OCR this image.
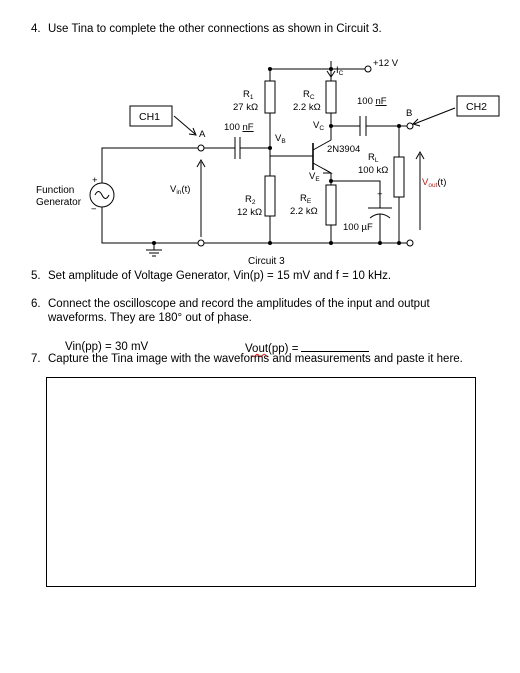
4. Use Tina to complete the other connections as shown in Circuit 3.
+12 V
$I_C$
CH1
CH2
A
B
$R_1$
27 kΩ
$R_C$
2.2 kΩ
100 nF
100 nF
$V_B$
$V_C$
$V_E$
2N3904
$R_L$
100 kΩ
$R_2$
12 kΩ
$R_E$
2.2 kΩ
100 µF
+
Function
Generator
+
−
$V_{in}(t)$
$V_{out}(t)$
Circuit 3
5. Set amplitude of Voltage Generator, Vin(p) = 15 mV and f = 10 kHz.
6. Connect the oscilloscope and record the amplitudes of the input and output
waveforms. They are 180° out of phase.
Vin(pp) = 30 mV	Vout(pp) =
7. Capture the Tina image with the waveforms and measurements and paste it here.
